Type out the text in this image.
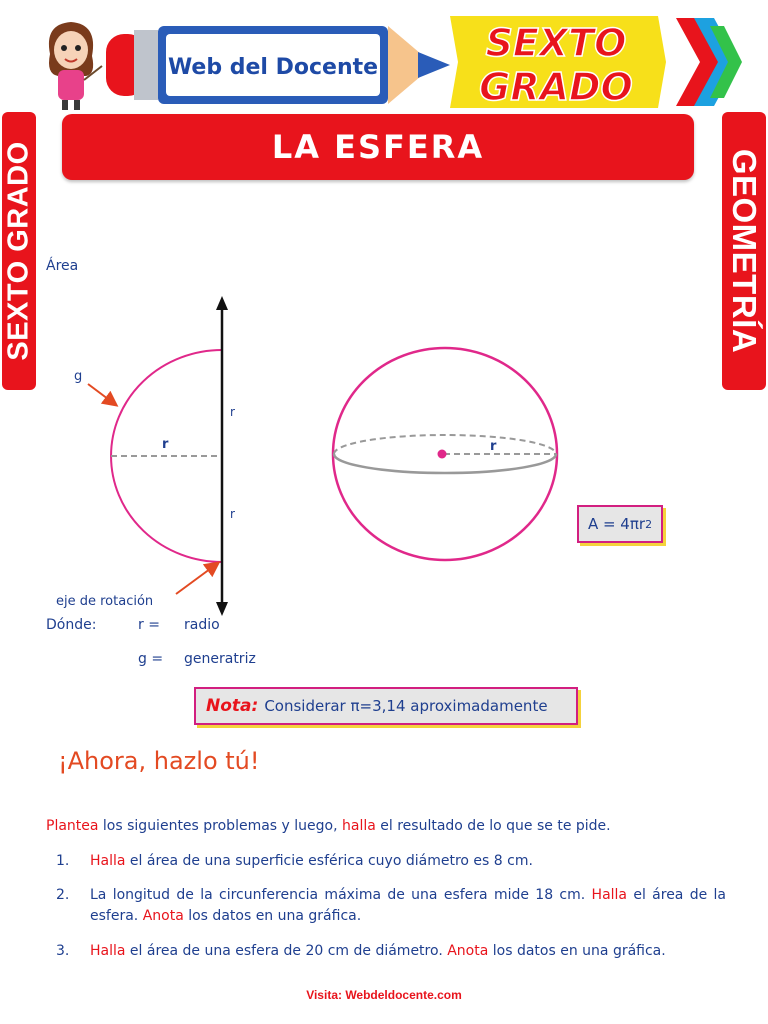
Web del Docente
SEXTO
GRADO
SEXTO GRADO	GEOMETRÍA
LA ESFERA
Área
g
r
r
r
eje de rotación
r
A = 4 π r 2
Dónde:	r = radio
g = generatriz
Nota: Considerar π=3,14 aproximadamente
¡Ahora, hazlo tú!
Plantea los siguientes problemas y luego, halla el resultado de lo que se te pide.
1. Halla el área de una superficie esférica cuyo diámetro es 8 cm.
2. La longitud de la circunferencia máxima de una esfera mide 18 cm. Halla el área de la esfera. Anota los datos en una gráfica.
3. Halla el área de una esfera de 20 cm de diámetro. Anota los datos en una gráfica.
Visita: Webdeldocente.com
